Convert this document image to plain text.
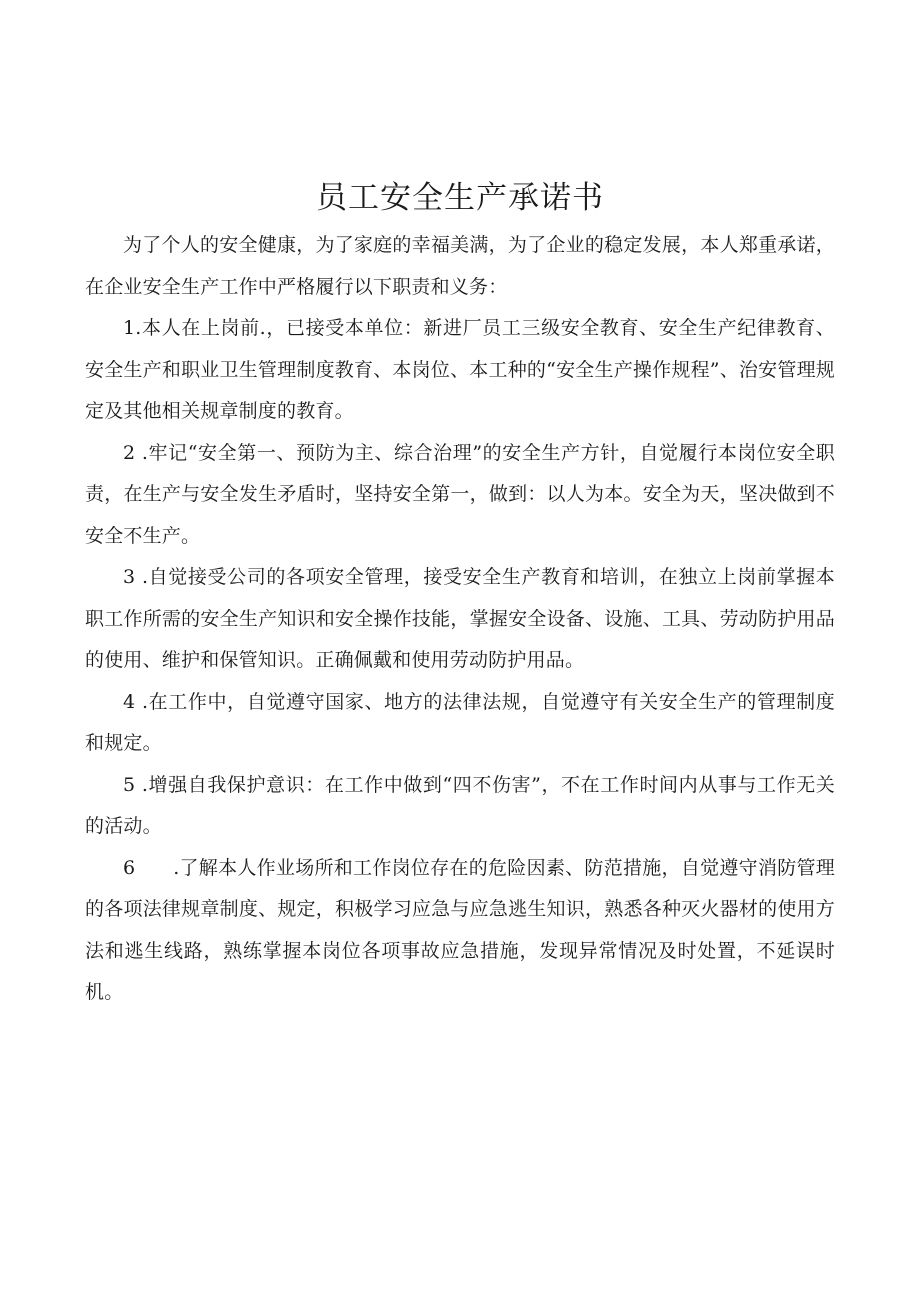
员工安全生产承诺书

为了个人的安全健康，为了家庭的幸福美满，为了企业的稳定发展，本人郑重承诺，在企业安全生产工作中严格履行以下职责和义务：

1.本人在上岗前.，已接受本单位：新进厂员工三级安全教育、安全生产纪律教育、安全生产和职业卫生管理制度教育、本岗位、本工种的“安全生产操作规程”、治安管理规定及其他相关规章制度的教育。

2 .牢记“安全第一、预防为主、综合治理”的安全生产方针，自觉履行本岗位安全职责，在生产与安全发生矛盾时，坚持安全第一，做到：以人为本。安全为天，坚决做到不安全不生产。

3 .自觉接受公司的各项安全管理，接受安全生产教育和培训，在独立上岗前掌握本职工作所需的安全生产知识和安全操作技能，掌握安全设备、设施、工具、劳动防护用品的使用、维护和保管知识。正确佩戴和使用劳动防护用品。

4 .在工作中，自觉遵守国家、地方的法律法规，自觉遵守有关安全生产的管理制度和规定。

5 .增强自我保护意识：在工作中做到“四不伤害”，不在工作时间内从事与工作无关的活动。

6      .了解本人作业场所和工作岗位存在的危险因素、防范措施，自觉遵守消防管理的各项法律规章制度、规定，积极学习应急与应急逃生知识，熟悉各种灭火器材的使用方法和逃生线路，熟练掌握本岗位各项事故应急措施，发现异常情况及时处置，不延误时机。
